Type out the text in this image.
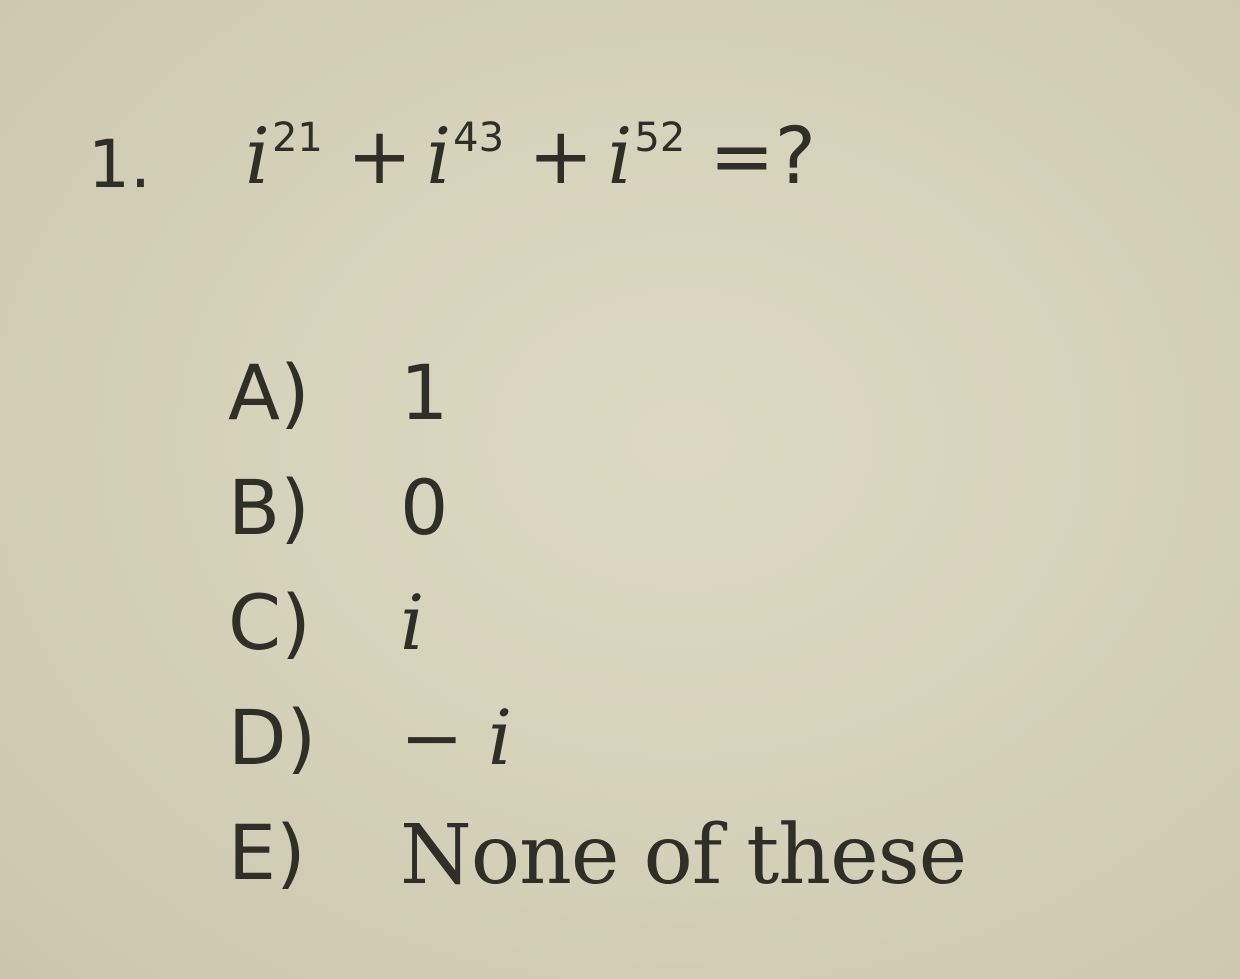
1. $i^{21} + i^{43} + i^{52}$ =?
A) 1
B) 0
C) i
D) − i
E) None of these
